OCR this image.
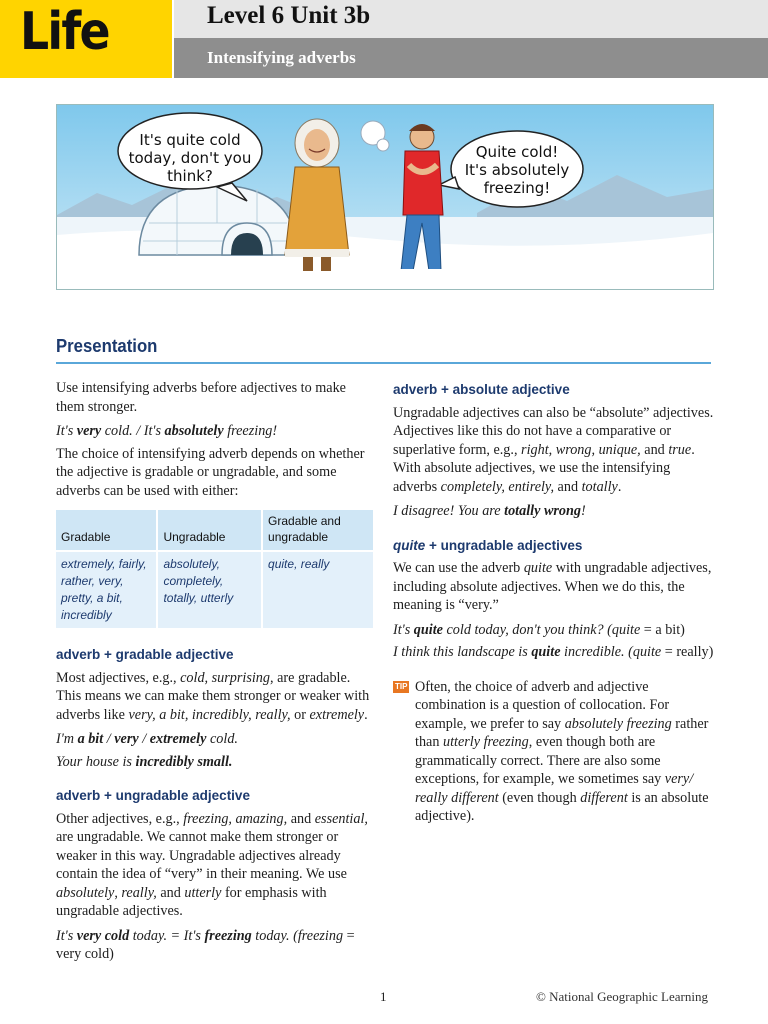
Life	Level 6 Unit 3b
Intensifying adverbs
It's quite cold
today, don't you
think?
Quite cold!
It's absolutely
freezing!
Presentation

Use intensifying adverbs before adjectives to make them stronger.

It's very cold. / It's absolutely freezing!

The choice of intensifying adverb depends on whether the adjective is gradable or ungradable, and some adverbs can be used with either:

Gradable	Ungradable	Gradable and ungradable
extremely, fairly, rather, very, pretty, a bit, incredibly	absolutely, completely, totally, utterly	quite, really
adverb + gradable adjective

Most adjectives, e.g., cold, surprising, are gradable. This means we can make them stronger or weaker with adverbs like very, a bit, incredibly, really, or extremely.

I'm a bit / very / extremely cold.

Your house is incredibly small.

adverb + ungradable adjective

Other adjectives, e.g., freezing, amazing, and essential, are ungradable. We cannot make them stronger or weaker in this way. Ungradable adjectives already contain the idea of “very” in their meaning. We use absolutely, really, and utterly for emphasis with ungradable adjectives.

It's very cold today. = It's freezing today. (freezing = very cold)

adverb + absolute adjective

Ungradable adjectives can also be “absolute” adjectives. Adjectives like this do not have a comparative or superlative form, e.g., right, wrong, unique, and true. With absolute adjectives, we use the intensifying adverbs completely, entirely, and totally.

I disagree! You are totally wrong!

quite + ungradable adjectives

We can use the adverb quite with ungradable adjectives, including absolute adjectives. When we do this, the meaning is “very.”

It's quite cold today, don't you think? (quite = a bit)

I think this landscape is quite incredible. (quite = really)

TIP Often, the choice of adverb and adjective combination is a question of collocation. For example, we prefer to say absolutely freezing rather than utterly freezing, even though both are grammatically correct. There are also some exceptions, for example, we sometimes say very/ really different (even though different is an absolute adjective).

1	© National Geographic Learning
